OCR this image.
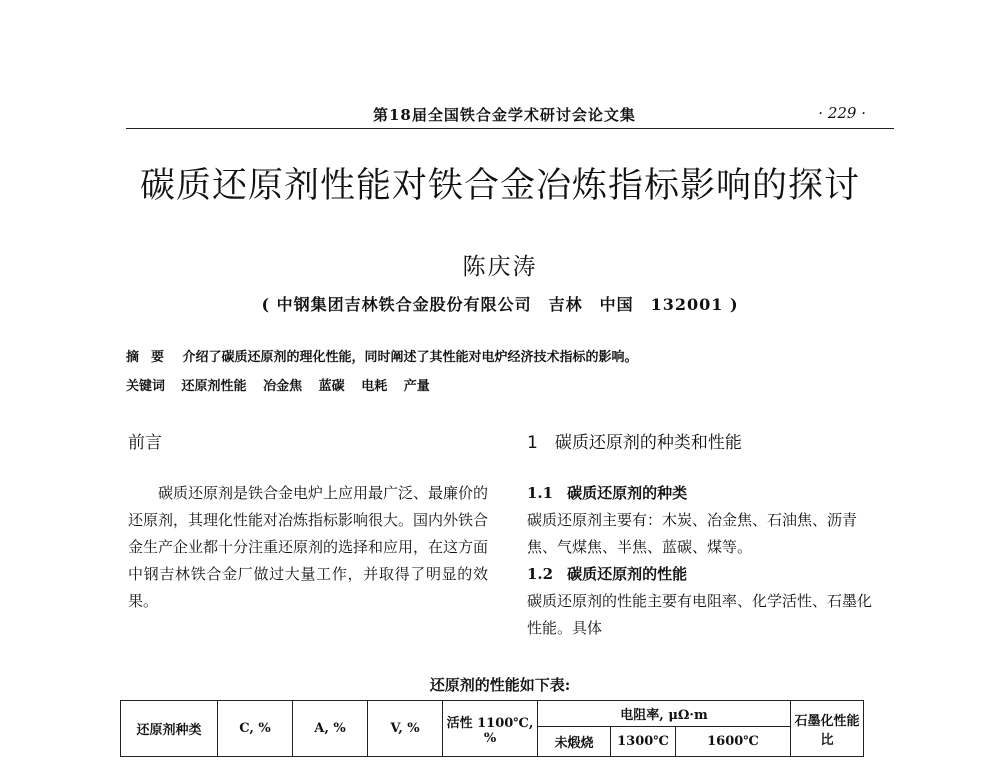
第18届全国铁合金学术研讨会论文集	· 229 ·
碳质还原剂性能对铁合金冶炼指标影响的探讨
陈庆涛
( 中钢集团吉林铁合金股份有限公司　吉林　中国　132001 )
摘要 介绍了碳质还原剂的理化性能，同时阐述了其性能对电炉经济技术指标的影响。
关键词 还原剂性能 冶金焦 蓝碳 电耗 产量
前言	1　碳质还原剂的种类和性能
碳质还原剂是铁合金电炉上应用最广泛、最廉价的还原剂，其理化性能对冶炼指标影响很大。国内外铁合金生产企业都十分注重还原剂的选择和应用，在这方面中钢吉林铁合金厂做过大量工作，并取得了明显的效果。
1.1 碳质还原剂的种类
碳质还原剂主要有：木炭、冶金焦、石油焦、沥青焦、气煤焦、半焦、蓝碳、煤等。
1.2 碳质还原剂的性能
碳质还原剂的性能主要有电阻率、化学活性、石墨化性能。具体
还原剂的性能如下表:
还原剂种类	C, %	A, %	V, %	活性 1100℃, %	电阻率, μΩ·m			石墨化性能比
					未煅烧	1300℃	1600℃	
